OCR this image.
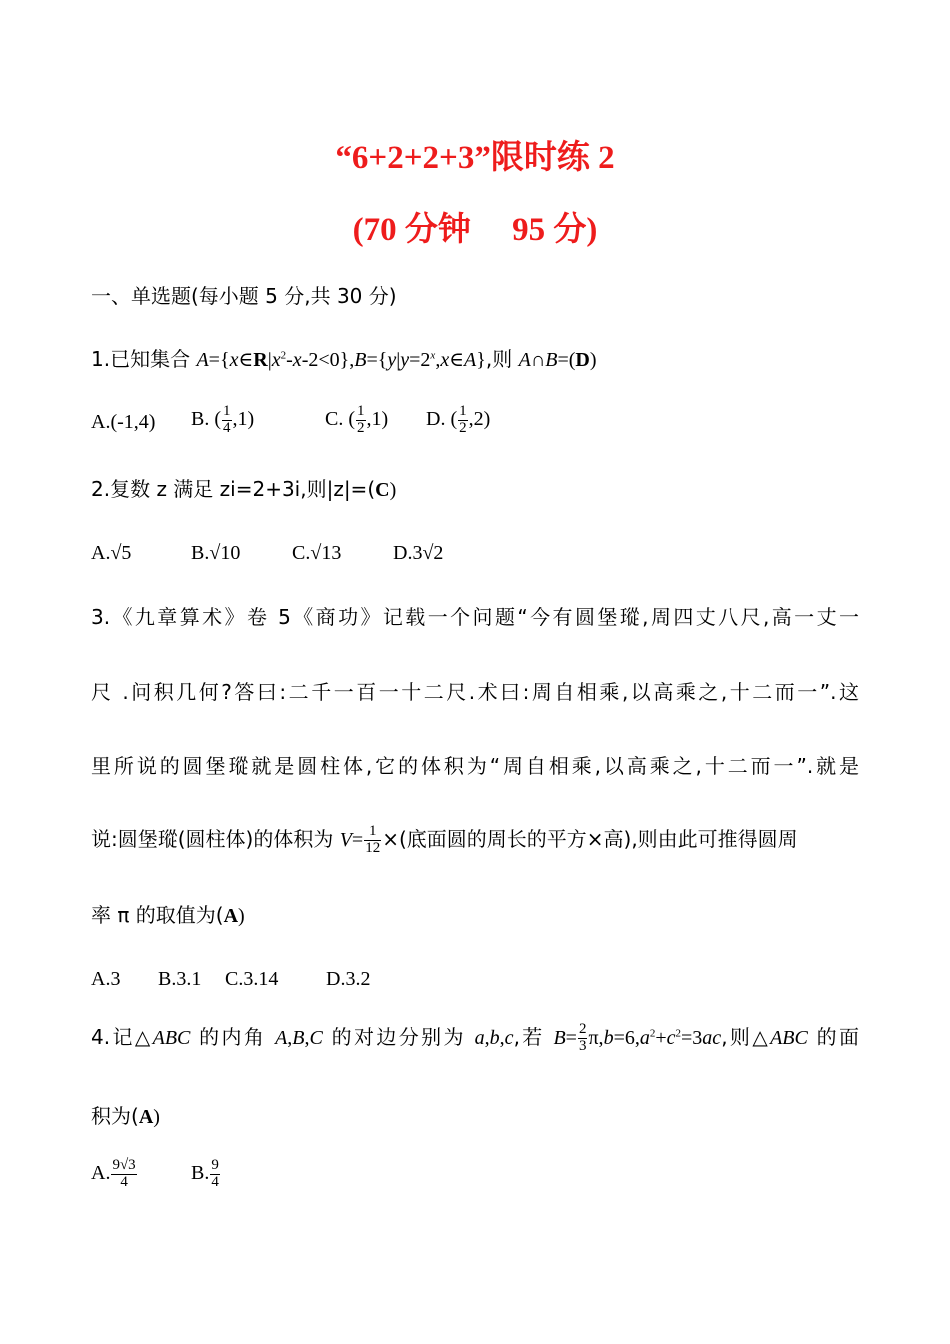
“6+2+2+3”限时练 2
(70 分钟　 95 分)
一、单选题(每小题 5 分,共 30 分)
1.已知集合 $A=\{x\in R|x^2-x-2<0\},B=\{y|y=2^x,x\in A\}$,则 A∩B=(D)
A.(-1,4) B. ( $\frac{1}{4} ,1$)	C. ( $\frac{1}{2} ,1$) D. ( $\frac{1}{2} ,2$)
2.复数 z 满足 zi=2+3i,则|z|=(C)
A.√5	B.√10	C.√13	D.3√2
3.《九章算术》卷 5《商功》记载一个问题“今有圆堡瑽,周四丈八尺,高一丈一
尺 .问积几何?答曰:二千一百一十二尺.术曰:周自相乘,以高乘之,十二而一”.这
里所说的圆堡瑽就是圆柱体,它的体积为“周自相乘,以高乘之,十二而一”.就是
说:圆堡瑽(圆柱体)的体积为 $V= \frac{1}{12}$ ×(底面圆的周长的平方×高),则由此可推得圆周
率 π 的取值为(A)
A.3 B.3.1 C.3.14 D.3.2
4.记△ABC 的内角 A,B,C 的对边分别为 a,b,c,若 $B= \frac{2}{3} \pi,b=6,a^2+c^2=3ac$,则△ABC 的面
积为(A)
A. $\frac{9√3}{4}$	B. $\frac{9}{4}$
